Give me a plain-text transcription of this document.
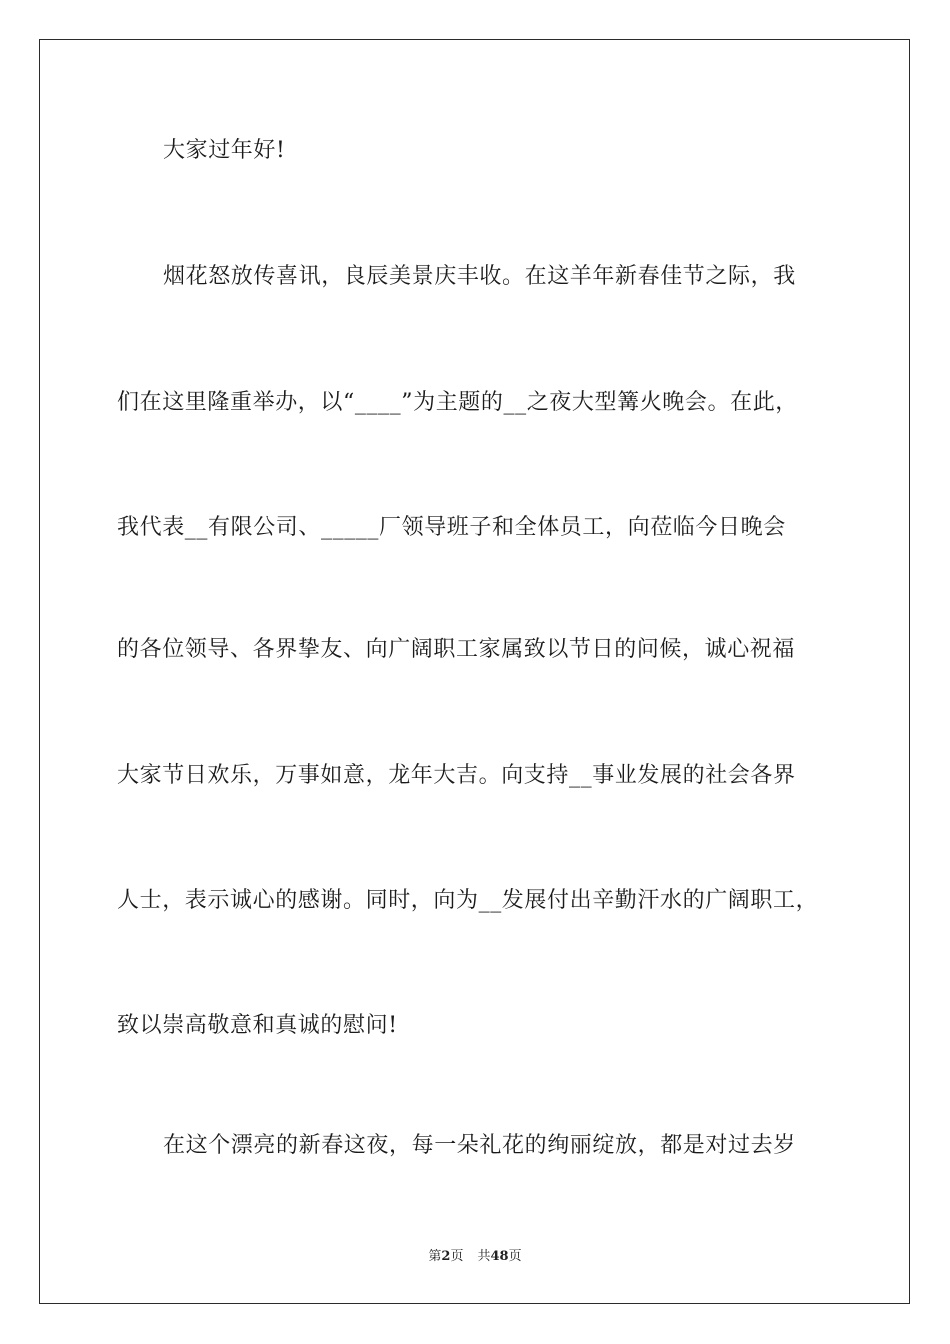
大家过年好!
烟花怒放传喜讯，良辰美景庆丰收。在这羊年新春佳节之际，我
们在这里隆重举办，以“____”为主题的__之夜大型篝火晚会。在此，
我代表__有限公司、_____厂领导班子和全体员工，向莅临今日晚会
的各位领导、各界挚友、向广阔职工家属致以节日的问候，诚心祝福
大家节日欢乐，万事如意，龙年大吉。向支持__事业发展的社会各界
人士，表示诚心的感谢。同时，向为__发展付出辛勤汗水的广阔职工，
致以崇高敬意和真诚的慰问!
在这个漂亮的新春这夜，每一朵礼花的绚丽绽放，都是对过去岁
第2页 共48页
